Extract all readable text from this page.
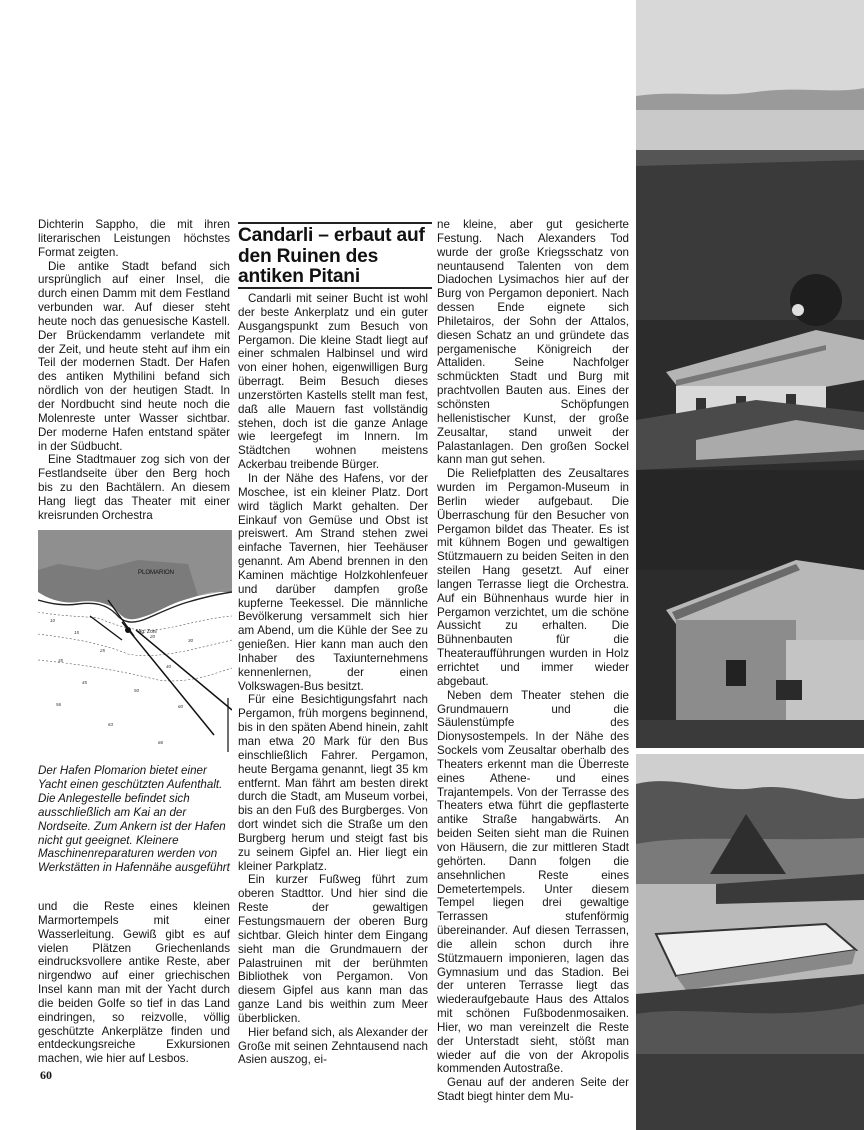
Dichterin Sappho, die mit ihren literarischen Leistungen höchstes Format zeigten.

Die antike Stadt befand sich ursprünglich auf einer Insel, die durch einen Damm mit dem Festland verbunden war. Auf dieser steht heute noch das genuesische Kastell. Der Brückendamm verlandete mit der Zeit, und heute steht auf ihm ein Teil der modernen Stadt. Der Hafen des antiken Mythilini befand sich nördlich von der heutigen Stadt. In der Nordbucht sind heute noch die Molenreste unter Wasser sichtbar. Der moderne Hafen entstand später in der Südbucht.

Eine Stadtmauer zog sich von der Festlandseite über den Berg hoch bis zu den Bachtälern. An diesem Hang liegt das Theater mit einer kreisrunden Orchestra

PLOMARION
Ag. Zoni
10
15
20
25
30
35
40
45
50
56	60
63
66
Der Hafen Plomarion bietet einer Yacht einen geschützten Aufenthalt. Die Anlegestelle befindet sich ausschließlich am Kai an der Nordseite. Zum Ankern ist der Hafen nicht gut geeignet. Kleinere Maschinenreparaturen werden von Werkstätten in Hafennähe ausgeführt

und die Reste eines kleinen Marmortempels mit einer Wasserleitung. Gewiß gibt es auf vielen Plätzen Griechenlands eindrucksvollere antike Reste, aber nirgendwo auf einer griechischen Insel kann man mit der Yacht durch die beiden Golfe so tief in das Land eindringen, so reizvolle, völlig geschützte Ankerplätze finden und entdeckungsreiche Exkursionen machen, wie hier auf Lesbos.

60
Candarli – erbaut auf den Ruinen des antiken Pitani

Candarli mit seiner Bucht ist wohl der beste Ankerplatz und ein guter Ausgangspunkt zum Besuch von Pergamon. Die kleine Stadt liegt auf einer schmalen Halbinsel und wird von einer hohen, eigenwilligen Burg überragt. Beim Besuch dieses unzerstörten Kastells stellt man fest, daß alle Mauern fast vollständig stehen, doch ist die ganze Anlage wie leergefegt im Innern. Im Städtchen wohnen meistens Ackerbau treibende Bürger.

In der Nähe des Hafens, vor der Moschee, ist ein kleiner Platz. Dort wird täglich Markt gehalten. Der Einkauf von Gemüse und Obst ist preiswert. Am Strand stehen zwei einfache Tavernen, hier Teehäuser genannt. Am Abend brennen in den Kaminen mächtige Holzkohlenfeuer und darüber dampfen große kupferne Teekessel. Die männliche Bevölkerung versammelt sich hier am Abend, um die Kühle der See zu genießen. Hier kann man auch den Inhaber des Taxiunternehmens kennenlernen, der einen Volkswagen-Bus besitzt.

Für eine Besichtigungsfahrt nach Pergamon, früh morgens beginnend, bis in den späten Abend hinein, zahlt man etwa 20 Mark für den Bus einschließlich Fahrer. Pergamon, heute Bergama genannt, liegt 35 km entfernt. Man fährt am besten direkt durch die Stadt, am Museum vorbei, bis an den Fuß des Burgberges. Von dort windet sich die Straße um den Burgberg herum und steigt fast bis zu seinem Gipfel an. Hier liegt ein kleiner Parkplatz.

Ein kurzer Fußweg führt zum oberen Stadttor. Und hier sind die Reste der gewaltigen Festungsmauern der oberen Burg sichtbar. Gleich hinter dem Eingang sieht man die Grundmauern der Palastruinen mit der berühmten Bibliothek von Pergamon. Von diesem Gipfel aus kann man das ganze Land bis weithin zum Meer überblicken.

Hier befand sich, als Alexander der Große mit seinen Zehntausend nach Asien auszog, ei-

ne kleine, aber gut gesicherte Festung. Nach Alexanders Tod wurde der große Kriegsschatz von neuntausend Talenten von dem Diadochen Lysimachos hier auf der Burg von Pergamon deponiert. Nach dessen Ende eignete sich Philetairos, der Sohn der Attalos, diesen Schatz an und gründete das pergamenische Königreich der Attaliden. Seine Nachfolger schmückten Stadt und Burg mit prachtvollen Bauten aus. Eines der schönsten Schöpfungen hellenistischer Kunst, der große Zeusaltar, stand unweit der Palastanlagen. Den großen Sockel kann man gut sehen.

Die Reliefplatten des Zeusaltares wurden im Pergamon-Museum in Berlin wieder aufgebaut. Die Überraschung für den Besucher von Pergamon bildet das Theater. Es ist mit kühnem Bogen und gewaltigen Stützmauern zu beiden Seiten in den steilen Hang gesetzt. Auf einer langen Terrasse liegt die Orchestra. Auf ein Bühnenhaus wurde hier in Pergamon verzichtet, um die schöne Aussicht zu erhalten. Die Bühnenbauten für die Theateraufführungen wurden in Holz errichtet und immer wieder abgebaut.

Neben dem Theater stehen die Grundmauern und die Säulenstümpfe des Dionysostempels. In der Nähe des Sockels vom Zeusaltar oberhalb des Theaters erkennt man die Überreste eines Athene- und eines Trajantempels. Von der Terrasse des Theaters etwa führt die gepflasterte antike Straße hangabwärts. An beiden Seiten sieht man die Ruinen von Häusern, die zur mittleren Stadt gehörten. Dann folgen die ansehnlichen Reste eines Demetertempels. Unter diesem Tempel liegen drei gewaltige Terrassen stufenförmig übereinander. Auf diesen Terrassen, die allein schon durch ihre Stützmauern imponieren, lagen das Gymnasium und das Stadion. Bei der unteren Terrasse liegt das wiederaufgebaute Haus des Attalos mit schönen Fußbodenmosaiken. Hier, wo man vereinzelt die Reste der Unterstadt sieht, stößt man wieder auf die von der Akropolis kommenden Autostraße.

Genau auf der anderen Seite der Stadt biegt hinter dem Mu-
